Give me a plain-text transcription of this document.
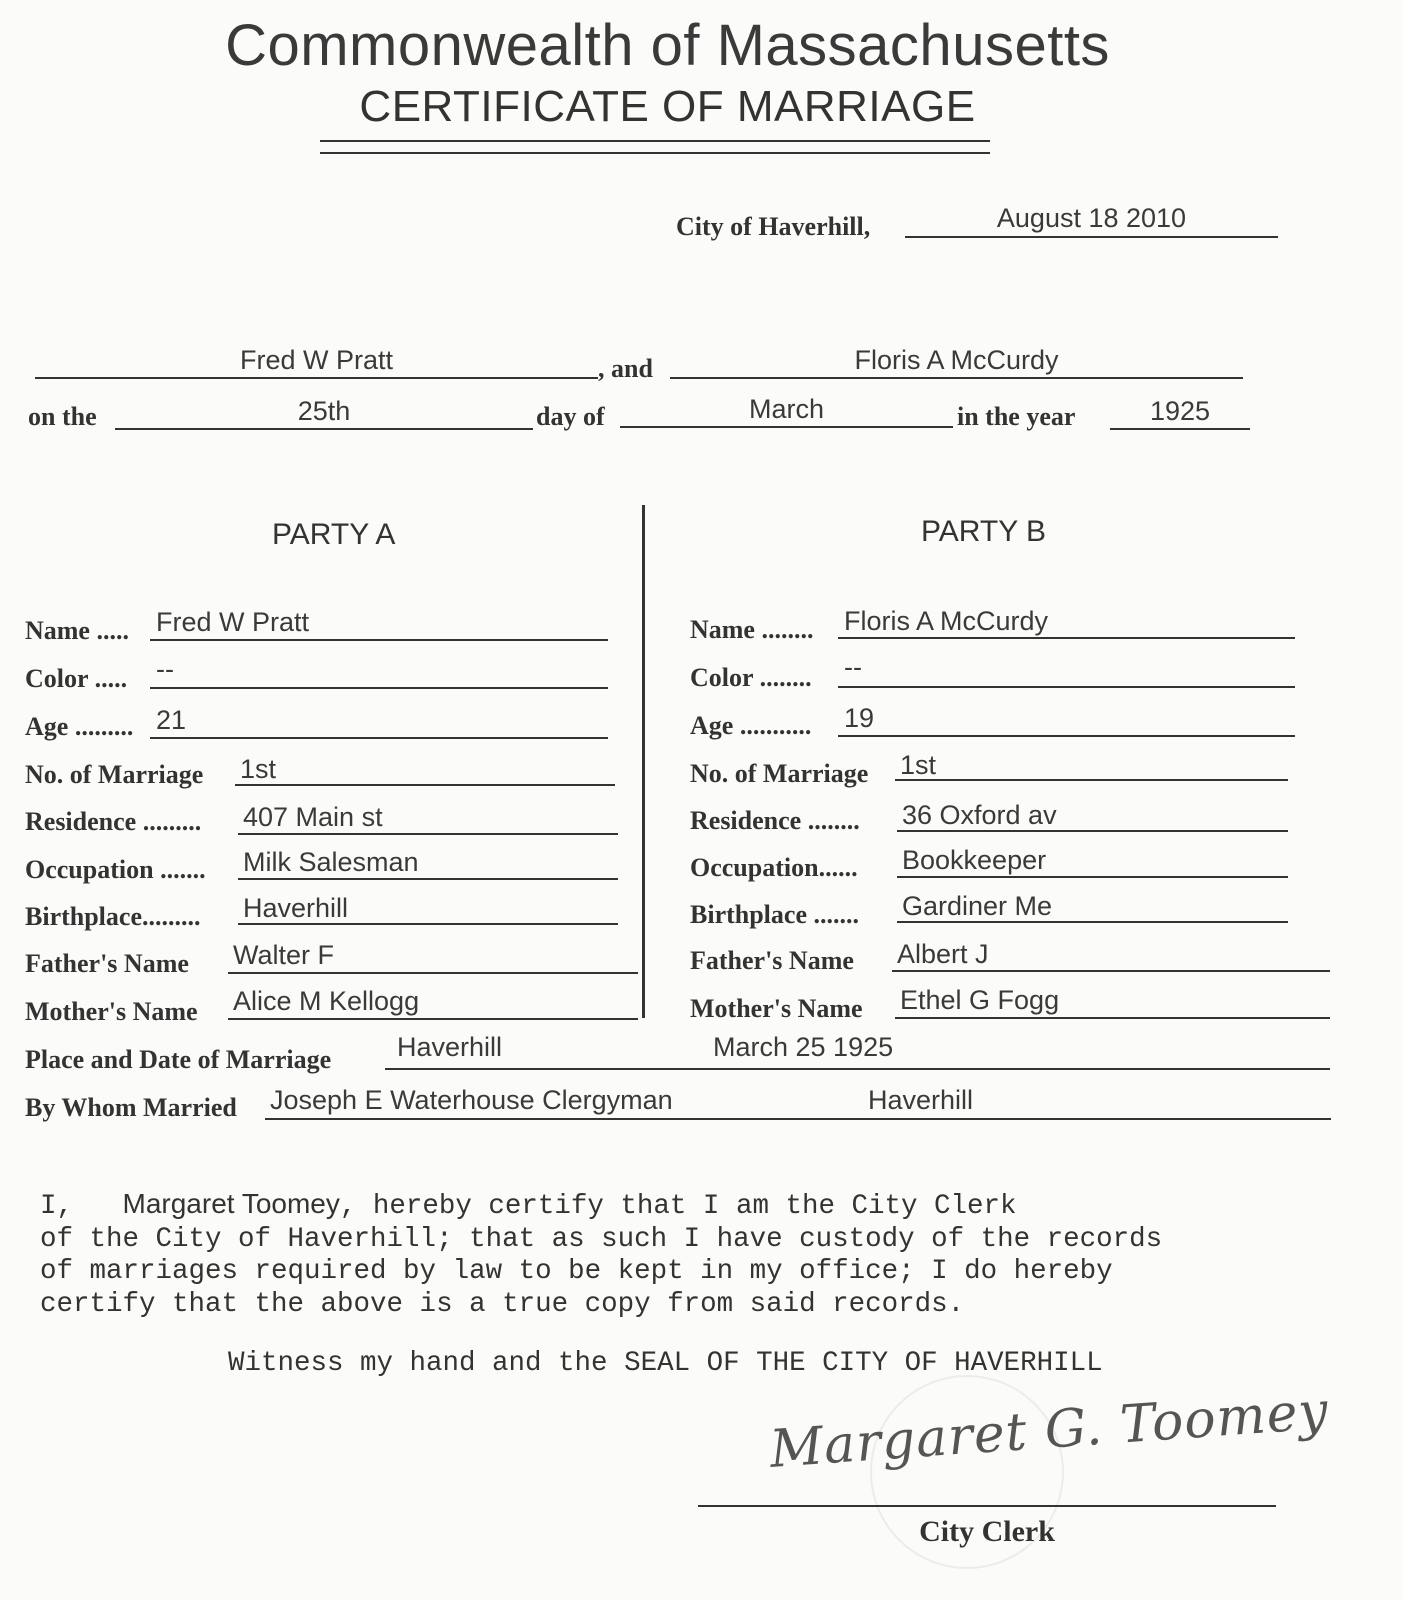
Commonwealth of Massachusetts
CERTIFICATE OF MARRIAGE
City of Haverhill,	August 18 2010
Fred W Pratt	, and	Floris A McCurdy
on the	25th	day of	March	in the year	1925
PARTY A	PARTY B
Name ..... Fred W Pratt
Color ..... --
Age ......... 21
No. of Marriage 1st
Residence ......... 407 Main st
Occupation ....... Milk Salesman
Birthplace......... Haverhill
Father's Name Walter F
Mother's Name Alice M Kellogg
Name ........ Floris A McCurdy
Color ........ --
Age ........... 19
No. of Marriage 1st
Residence ........ 36 Oxford av
Occupation...... Bookkeeper
Birthplace ....... Gardiner Me
Father's Name Albert J
Mother's Name Ethel G Fogg
Place and Date of Marriage Haverhill	March 25 1925
By Whom Married Joseph E Waterhouse Clergyman	Haverhill
I,   Margaret Toomey, hereby certify that I am the City Clerk
of the City of Haverhill; that as such I have custody of the records
of marriages required by law to be kept in my office; I do hereby
certify that the above is a true copy from said records.
Witness my hand and the SEAL OF THE CITY OF HAVERHILL
Margaret G. Toomey
City Clerk
